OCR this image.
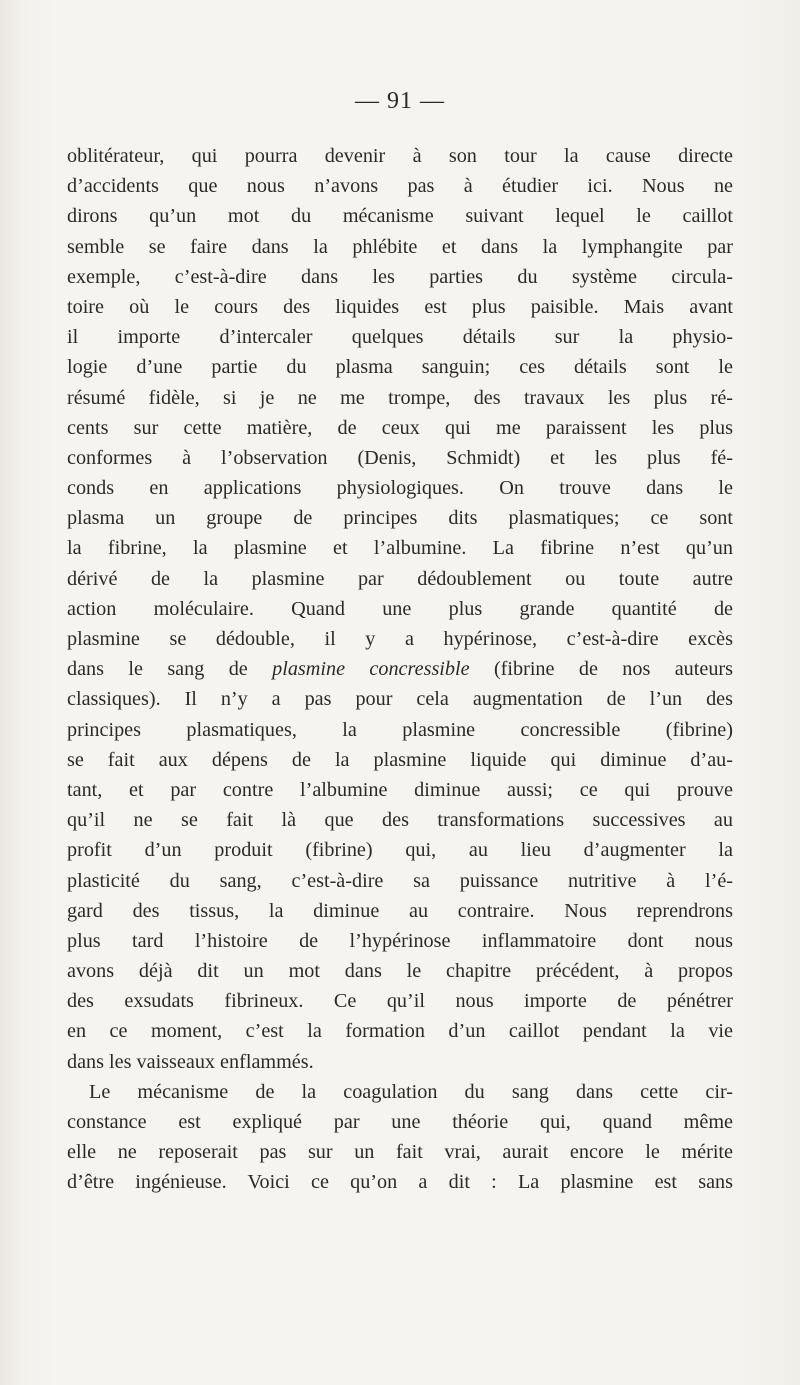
— 91 —
oblitérateur, qui pourra devenir à son tour la cause directe
d’accidents que nous n’avons pas à étudier ici. Nous ne
dirons qu’un mot du mécanisme suivant lequel le caillot
semble se faire dans la phlébite et dans la lymphangite par
exemple, c’est-à-dire dans les parties du système circula-
toire où le cours des liquides est plus paisible. Mais avant
il importe d’intercaler quelques détails sur la physio-
logie d’une partie du plasma sanguin; ces détails sont le
résumé fidèle, si je ne me trompe, des travaux les plus ré-
cents sur cette matière, de ceux qui me paraissent les plus
conformes à l’observation (Denis, Schmidt) et les plus fé-
conds en applications physiologiques. On trouve dans le
plasma un groupe de principes dits plasmatiques; ce sont
la fibrine, la plasmine et l’albumine. La fibrine n’est qu’un
dérivé de la plasmine par dédoublement ou toute autre
action moléculaire. Quand une plus grande quantité de
plasmine se dédouble, il y a hypérinose, c’est-à-dire excès
dans le sang de plasmine concressible (fibrine de nos auteurs
classiques). Il n’y a pas pour cela augmentation de l’un des
principes plasmatiques, la plasmine concressible (fibrine)
se fait aux dépens de la plasmine liquide qui diminue d’au-
tant, et par contre l’albumine diminue aussi; ce qui prouve
qu’il ne se fait là que des transformations successives au
profit d’un produit (fibrine) qui, au lieu d’augmenter la
plasticité du sang, c’est-à-dire sa puissance nutritive à l’é-
gard des tissus, la diminue au contraire. Nous reprendrons
plus tard l’histoire de l’hypérinose inflammatoire dont nous
avons déjà dit un mot dans le chapitre précédent, à propos
des exsudats fibrineux. Ce qu’il nous importe de pénétrer
en ce moment, c’est la formation d’un caillot pendant la vie
dans les vaisseaux enflammés.
Le mécanisme de la coagulation du sang dans cette cir-
constance est expliqué par une théorie qui, quand même
elle ne reposerait pas sur un fait vrai, aurait encore le mérite
d’être ingénieuse. Voici ce qu’on a dit : La plasmine est sans
